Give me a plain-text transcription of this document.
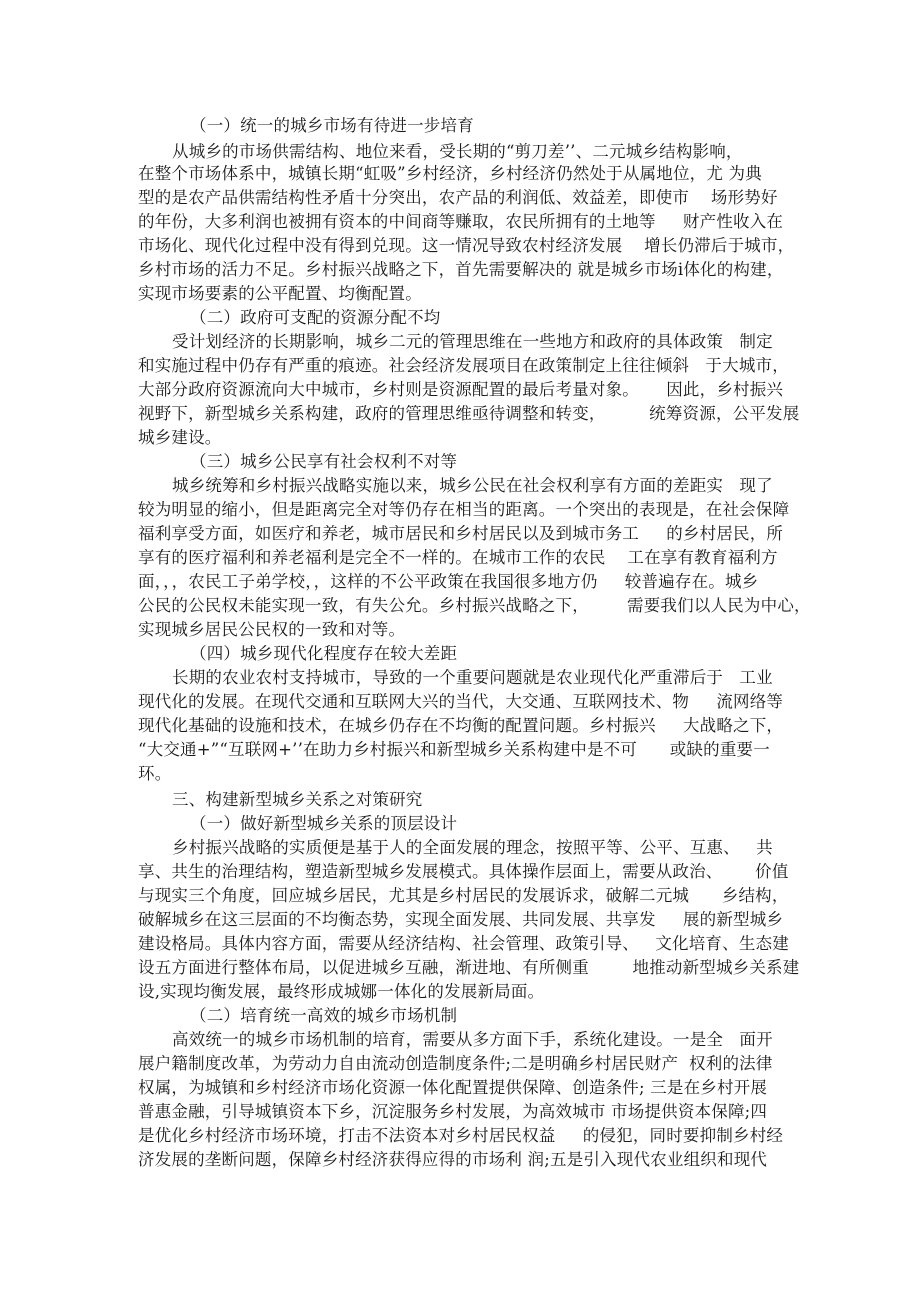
（一）统一的城乡市场有待进一步培育
从城乡的市场供需结构、地位来看，受长期的“剪刀差’’、二元城乡结构影响，
在整个市场体系中，城镇长期“虹吸”乡村经济，乡村经济仍然处于从属地位，尤 为典
型的是农产品供需结构性矛盾十分突出，农产品的利润低、效益差，即使市    场形势好
的年份，大多利润也被拥有资本的中间商等赚取，农民所拥有的土地等     财产性收入在
市场化、现代化过程中没有得到兑现。这一情况导致农村经济发展    增长仍滞后于城市，
乡村市场的活力不足。乡村振兴战略之下，首先需要解决的 就是城乡市场i体化的构建，
实现市场要素的公平配置、均衡配置。
（二）政府可支配的资源分配不均
受计划经济的长期影响，城乡二元的管理思维在一些地方和政府的具体政策   制定
和实施过程中仍存有严重的痕迹。社会经济发展项目在政策制定上往往倾斜   于大城市，
大部分政府资源流向大中城市，乡村则是资源配置的最后考量对象。     因此，乡村振兴
视野下，新型城乡关系构建，政府的管理思维亟待调整和转变，        统筹资源，公平发展
城乡建设。
（三）城乡公民享有社会权利不对等
城乡统筹和乡村振兴战略实施以来，城乡公民在社会权利享有方面的差距实   现了
较为明显的缩小，但是距离完全对等仍存在相当的距离。一个突出的表现是，在社会保障
福利享受方面，如医疗和养老，城市居民和乡村居民以及到城市务工     的乡村居民，所
享有的医疗福利和养老福利是完全不一样的。在城市工作的农民    工在享有教育福利方
面，，，农民工子弟学校，，这样的不公平政策在我国很多地方仍     较普遍存在。城乡
公民的公民权未能实现一致，有失公允。乡村振兴战略之下，       需要我们以人民为中心，
实现城乡居民公民权的一致和对等。
（四）城乡现代化程度存在较大差距
长期的农业农村支持城市，导致的一个重要问题就是农业现代化严重滞后于   工业
现代化的发展。在现代交通和互联网大兴的当代，大交通、互联网技术、物     流网络等
现代化基础的设施和技术，在城乡仍存在不均衡的配置问题。乡村振兴     大战略之下，
“大交通+”“互联网+’’在助力乡村振兴和新型城乡关系构建中是不可      或缺的重要一
环。
三、构建新型城乡关系之对策研究
（一）做好新型城乡关系的顶层设计
乡村振兴战略的实质便是基于人的全面发展的理念，按照平等、公平、互惠、   共
享、共生的治理结构，塑造新型城乡发展模式。具体操作层面上，需要从政治、      价值
与现实三个角度，回应城乡居民，尤其是乡村居民的发展诉求，破解二元城      乡结构，
破解城乡在这三层面的不均衡态势，实现全面发展、共同发展、共享发     展的新型城乡
建设格局。具体内容方面，需要从经济结构、社会管理、政策引导、   文化培育、生态建
设五方面进行整体布局，以促进城乡互融，渐进地、有所侧重        地推动新型城乡关系建
设,实现均衡发展，最终形成城娜一体化的发展新局面。
（二）培育统一高效的城乡市场机制
高效统一的城乡市场机制的培育，需要从多方面下手，系统化建设。一是全   面开
展户籍制度改革，为劳动力自由流动创造制度条件;二是明确乡村居民财产  权利的法律
权属，为城镇和乡村经济市场化资源一体化配置提供保障、创造条件; 三是在乡村开展
普惠金融，引导城镇资本下乡，沉淀服务乡村发展，为高效城市 市场提供资本保障;四
是优化乡村经济市场环境，打击不法资本对乡村居民权益     的侵犯，同时要抑制乡村经
济发展的垄断问题，保障乡村经济获得应得的市场利 润;五是引入现代农业组织和现代
